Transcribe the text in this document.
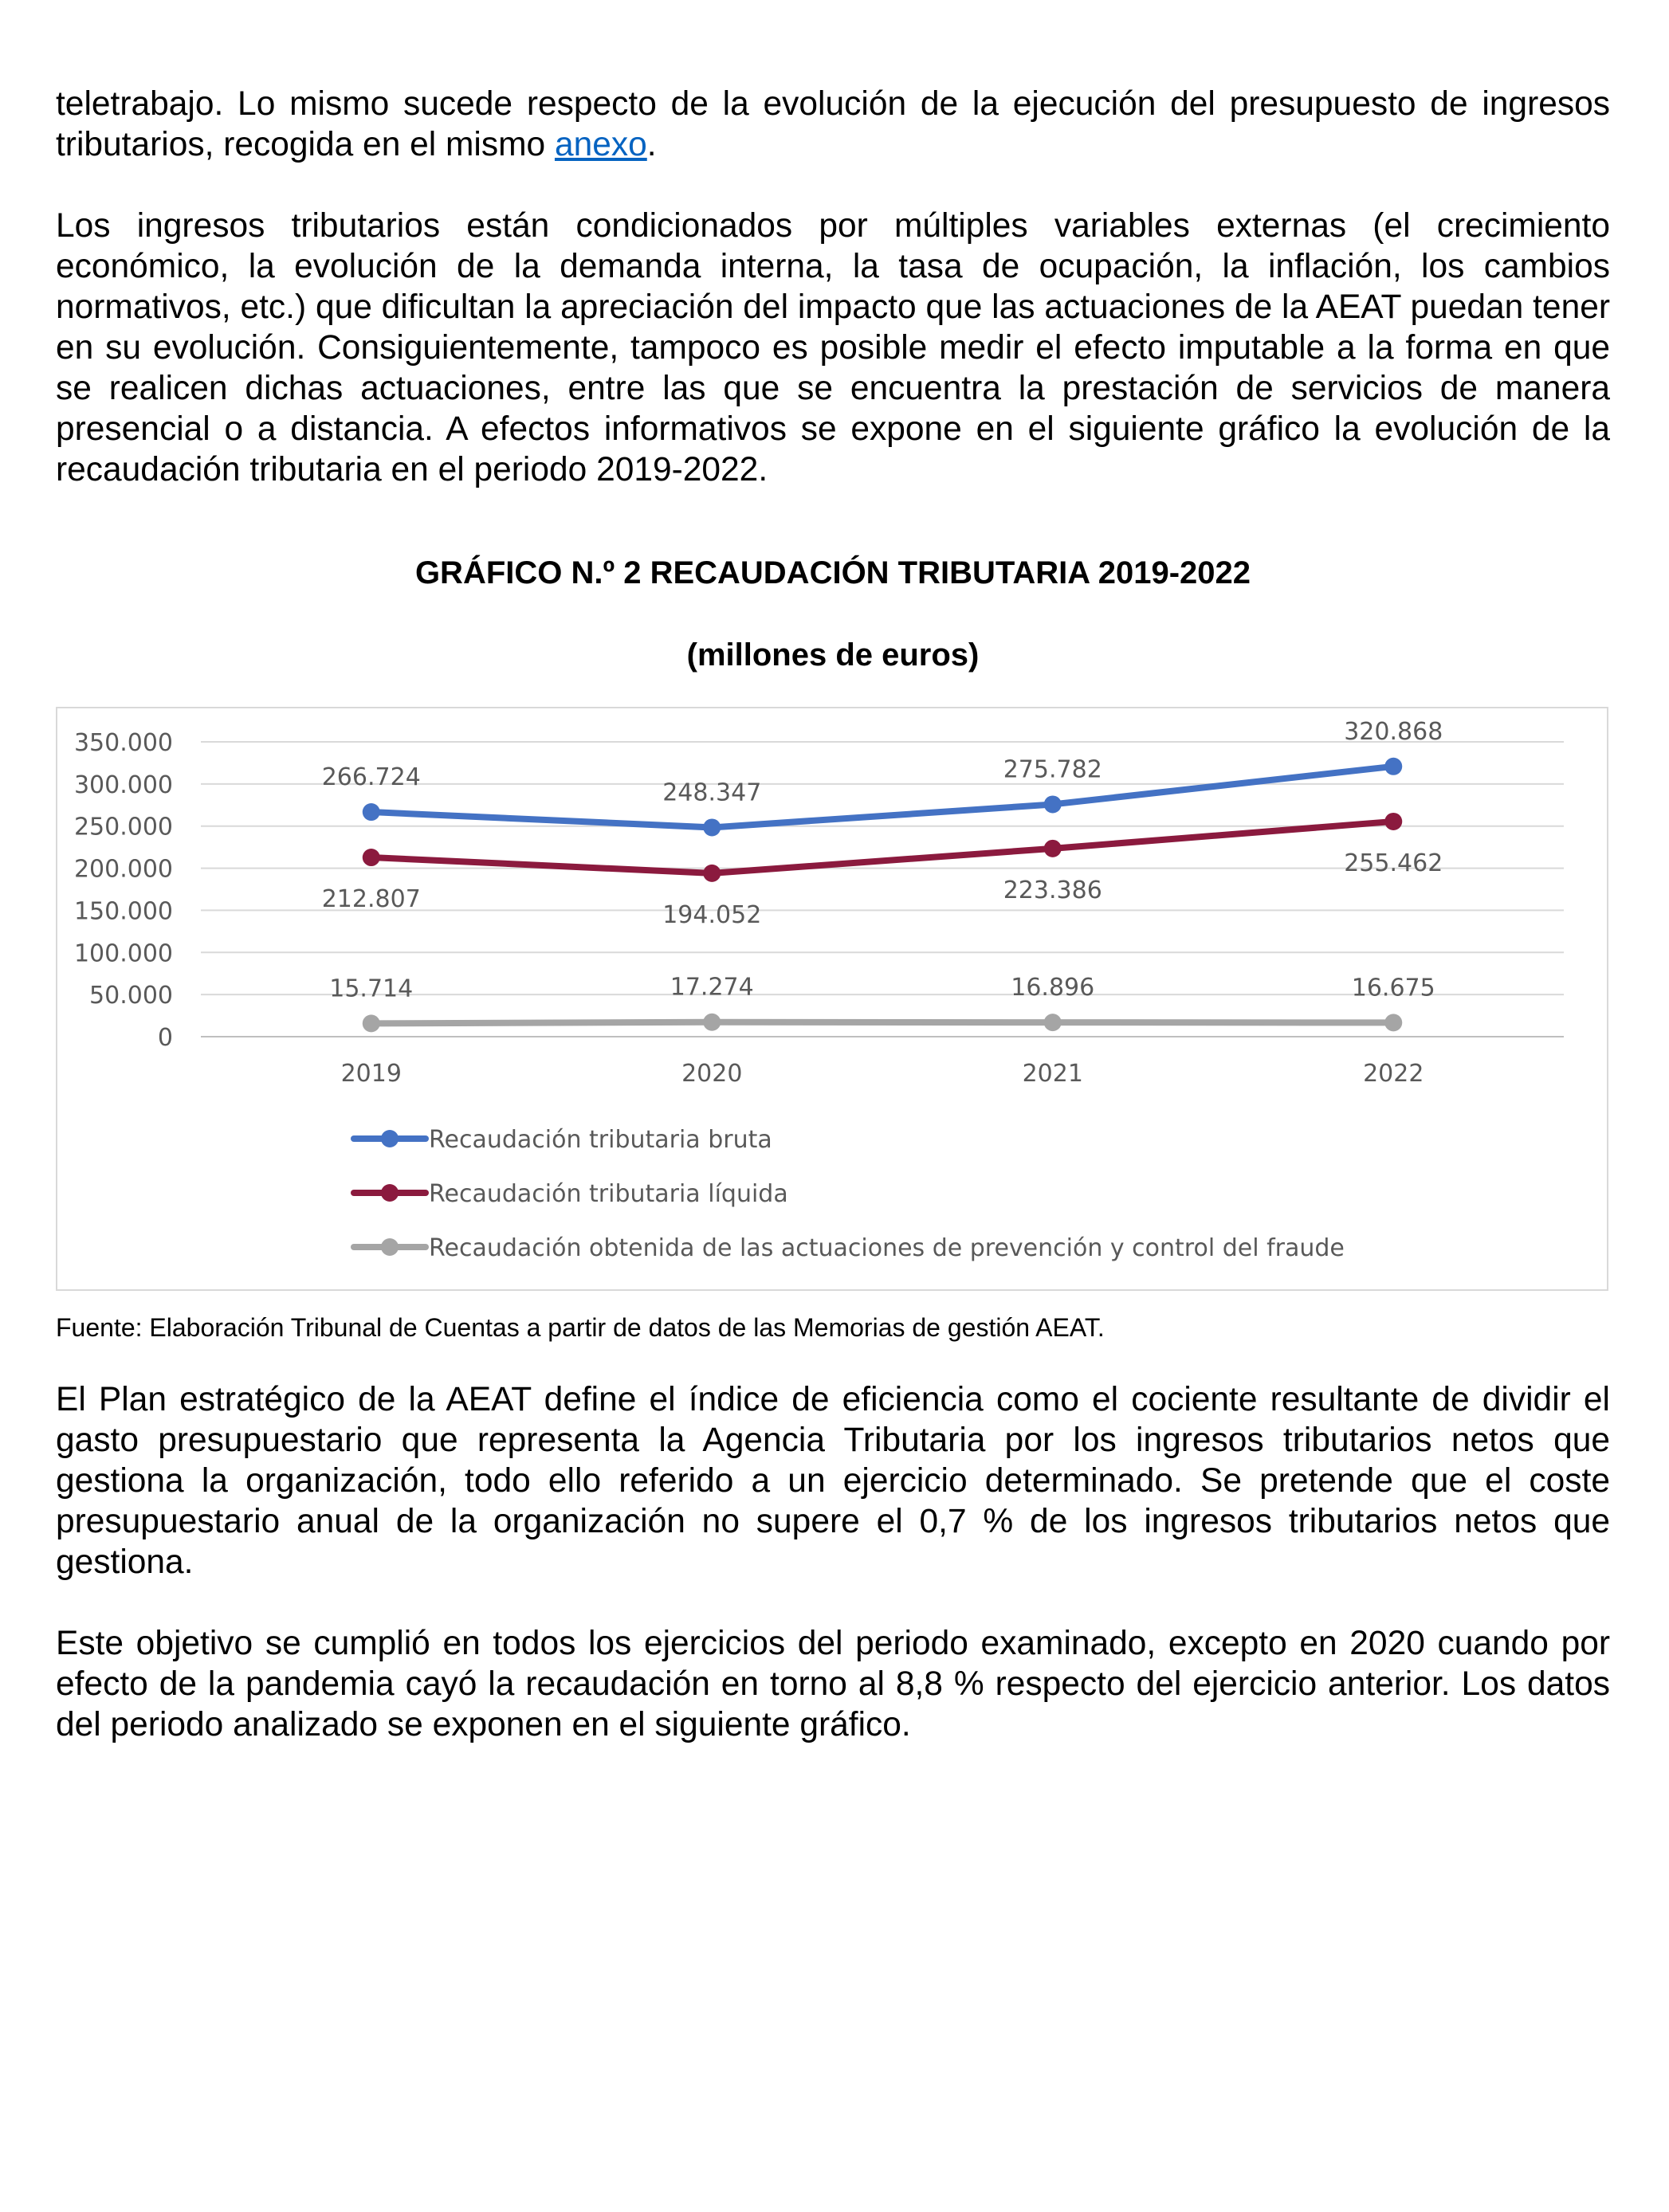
teletrabajo. Lo mismo sucede respecto de la evolución de la ejecución del presupuesto de ingresos tributarios, recogida en el mismo anexo.

Los ingresos tributarios están condicionados por múltiples variables externas (el crecimiento económico, la evolución de la demanda interna, la tasa de ocupación, la inflación, los cambios normativos, etc.) que dificultan la apreciación del impacto que las actuaciones de la AEAT puedan tener en su evolución. Consiguientemente, tampoco es posible medir el efecto imputable a la forma en que se realicen dichas actuaciones, entre las que se encuentra la prestación de servicios de manera presencial o a distancia. A efectos informativos se expone en el siguiente gráfico la evolución de la recaudación tributaria en el periodo 2019-2022.

GRÁFICO N.º 2 RECAUDACIÓN TRIBUTARIA 2019-2022

(millones de euros)

0
50.000
100.000
150.000
200.000
250.000
300.000
350.000
2019	2020	2021	2022
266.724
248.347
275.782
320.868
212.807
194.052
223.386
255.462
15.714	17.274	16.896	16.675
Recaudación tributaria bruta
Recaudación tributaria líquida
Recaudación obtenida de las actuaciones de prevención y control del fraude

Fuente: Elaboración Tribunal de Cuentas a partir de datos de las Memorias de gestión AEAT.

El Plan estratégico de la AEAT define el índice de eficiencia como el cociente resultante de dividir el gasto presupuestario que representa la Agencia Tributaria por los ingresos tributarios netos que gestiona la organización, todo ello referido a un ejercicio determinado. Se pretende que el coste presupuestario anual de la organización no supere el 0,7 % de los ingresos tributarios netos que gestiona.

Este objetivo se cumplió en todos los ejercicios del periodo examinado, excepto en 2020 cuando por efecto de la pandemia cayó la recaudación en torno al 8,8 % respecto del ejercicio anterior. Los datos del periodo analizado se exponen en el siguiente gráfico.
